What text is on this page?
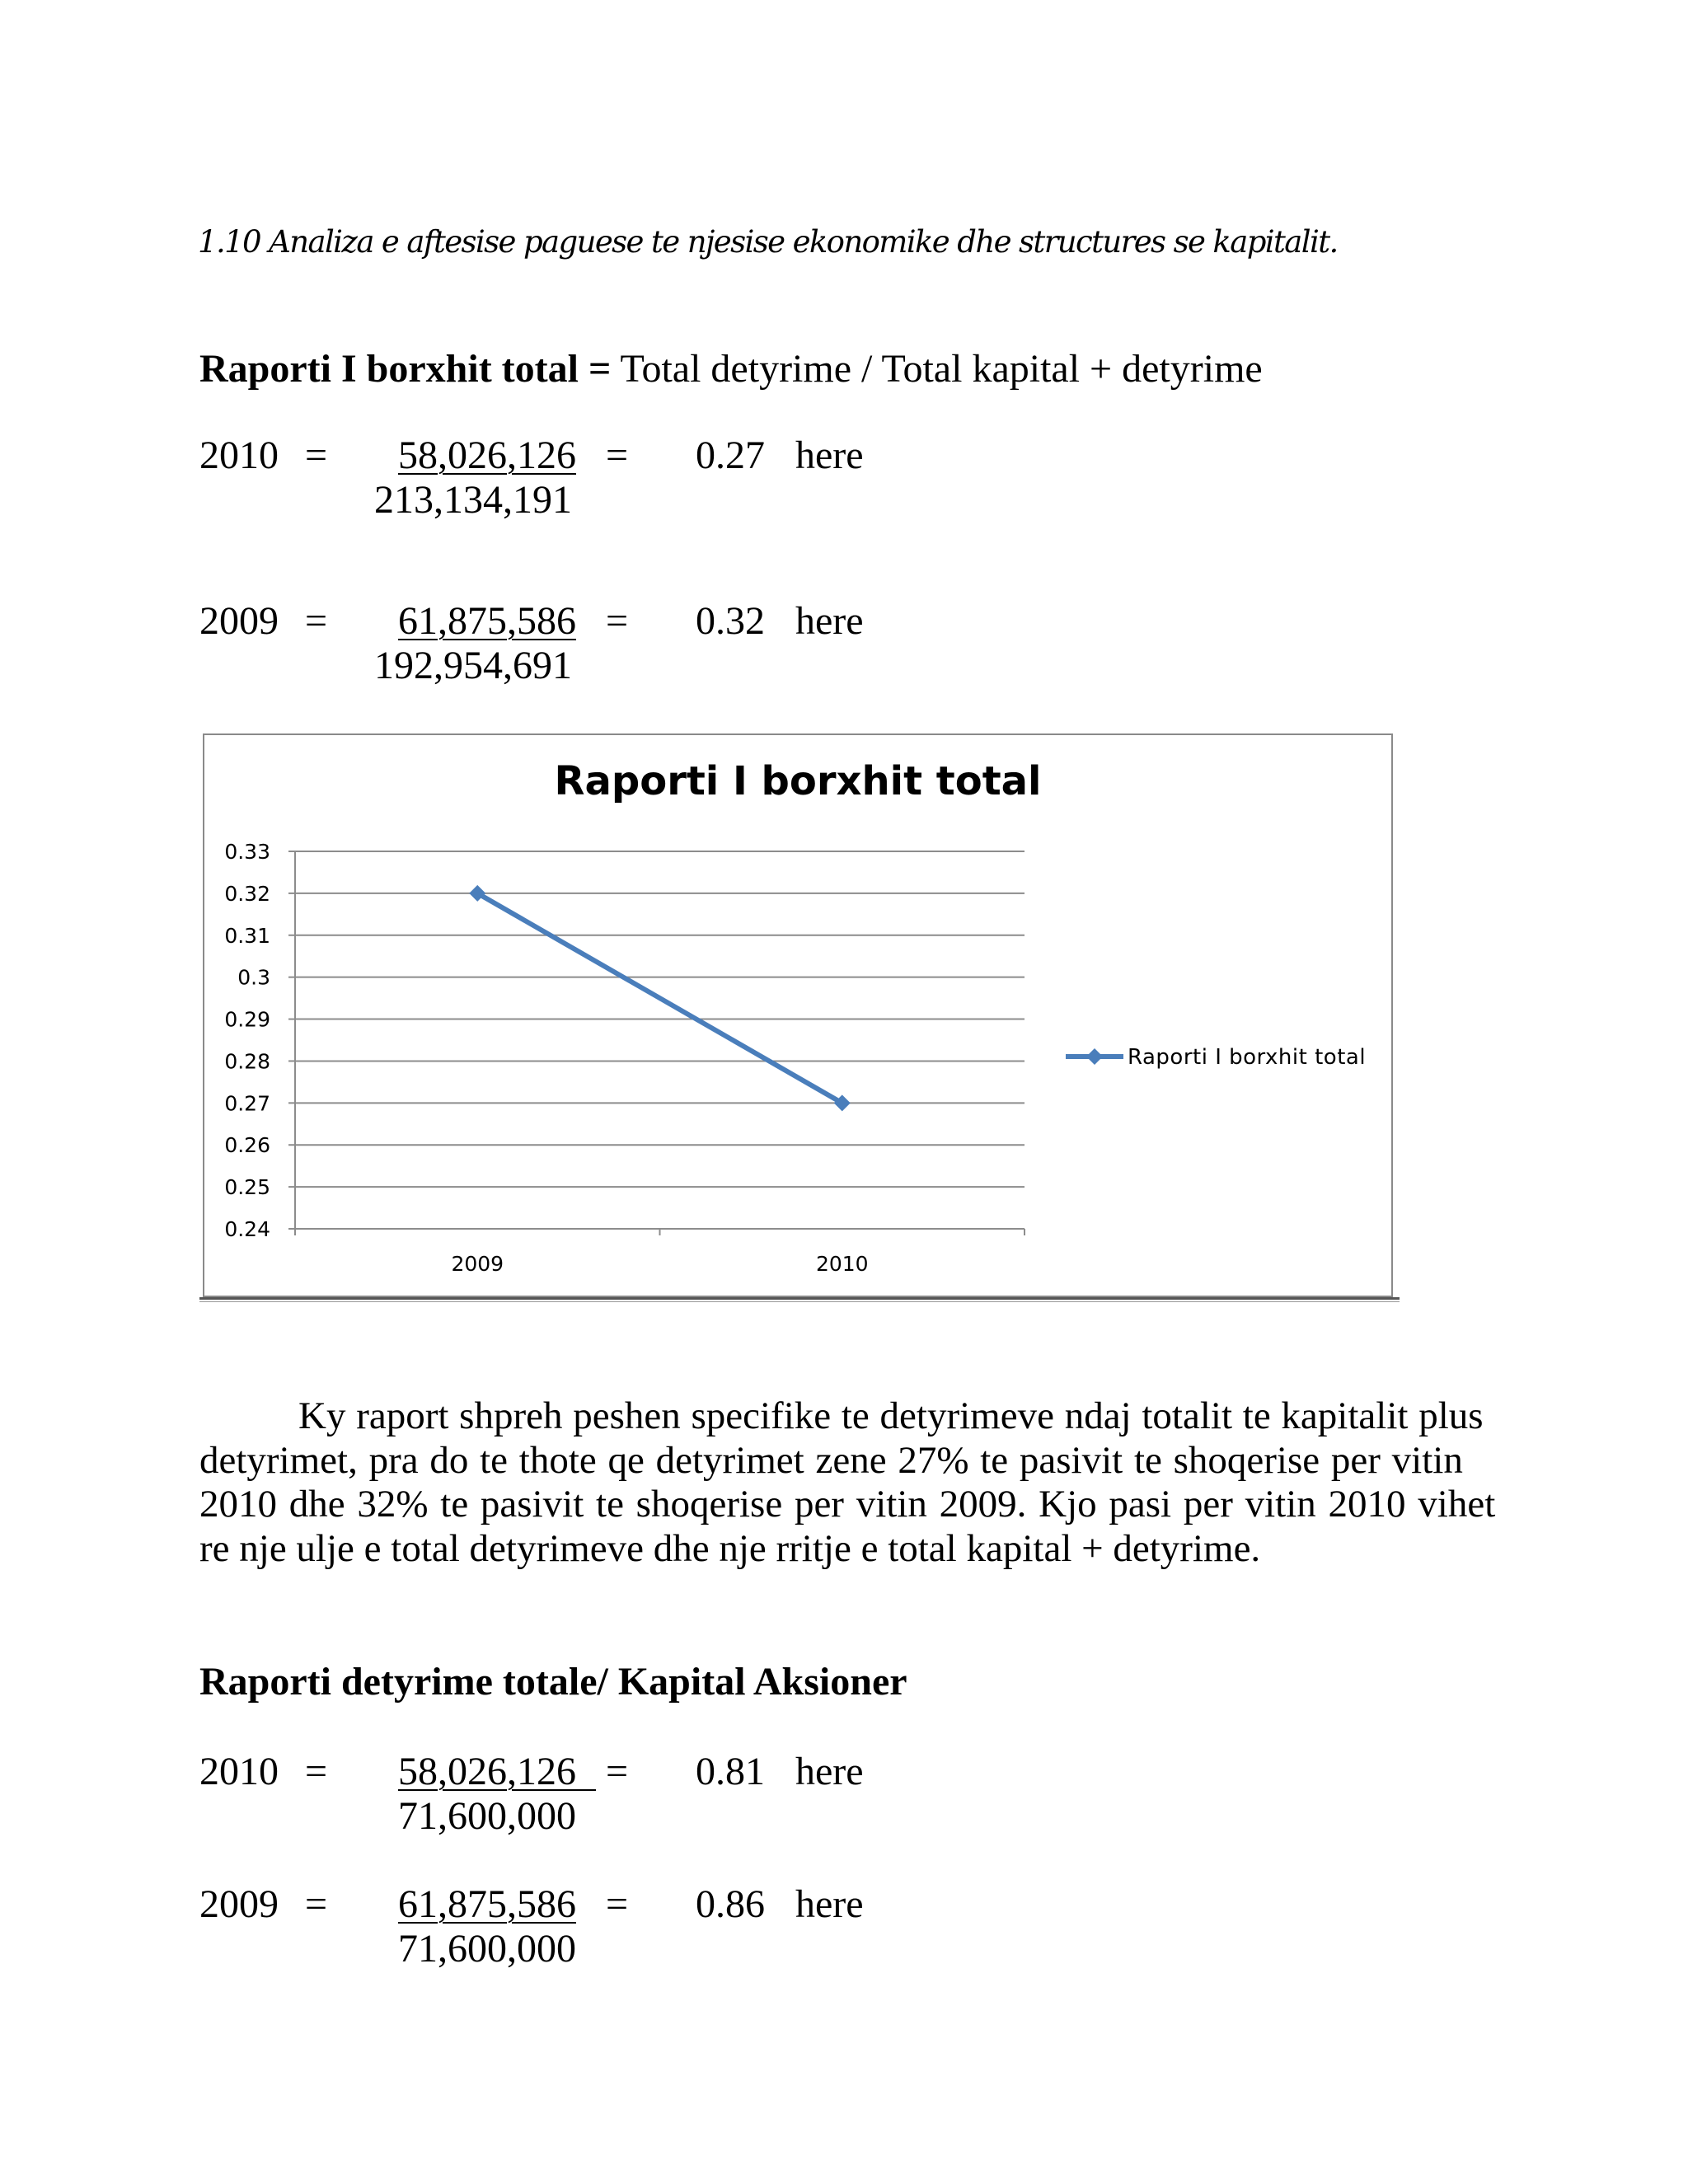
1.10 Analiza e aftesise paguese te njesise ekonomike dhe structures se kapitalit.
Raporti I borxhit total = Total detyrime / Total kapital + detyrime
2010 = 58,026,126
213,134,191
= 0.27 here
2009 = 61,875,586
192,954,691
= 0.32 here
Raporti I borxhit total
0.33
0.32
0.31
0.3
0.29
0.28
0.27
0.26
0.25
0.24
2009	2010
Raporti I borxhit total
Ky raport shpreh peshen specifike te detyrimeve ndaj totalit te kapitalit plus
detyrimet, pra do te thote qe detyrimet zene 27% te pasivit te shoqerise per vitin
2010 dhe 32% te pasivit te shoqerise per vitin 2009. Kjo pasi per vitin 2010 vihet
re nje ulje e total detyrimeve dhe nje rritje e total kapital + detyrime.
Raporti detyrime totale/ Kapital Aksioner
2010 = 58,026,126
71,600,000
= 0.81 here
2009 = 61,875,586
71,600,000
= 0.86 here
